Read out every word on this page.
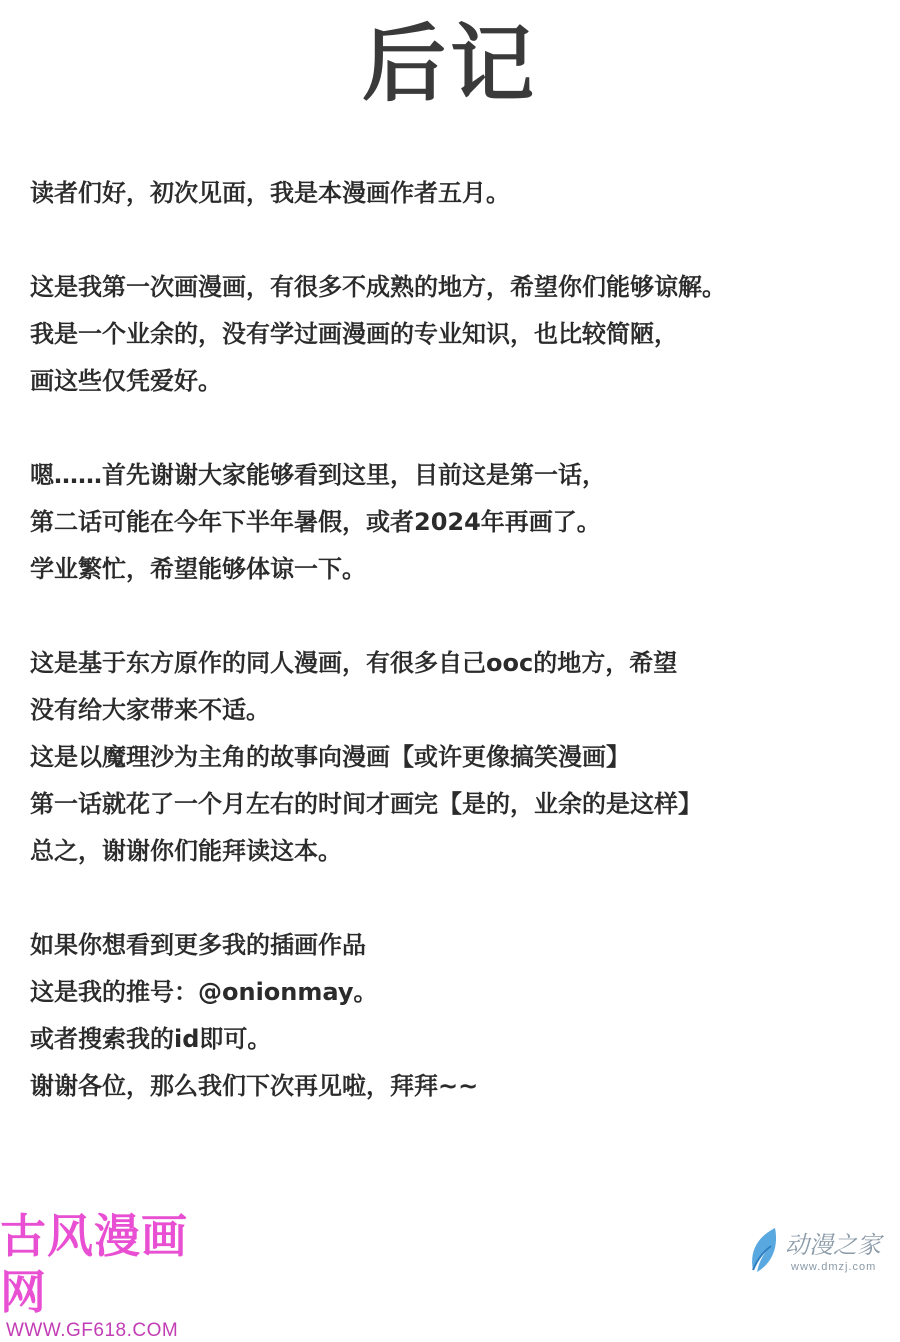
后记
读者们好，初次见面，我是本漫画作者五月。
这是我第一次画漫画，有很多不成熟的地方，希望你们能够谅解。
我是一个业余的，没有学过画漫画的专业知识，也比较简陋，
画这些仅凭爱好。
嗯……首先谢谢大家能够看到这里，目前这是第一话，
第二话可能在今年下半年暑假，或者2024年再画了。
学业繁忙，希望能够体谅一下。
这是基于东方原作的同人漫画，有很多自己ooc的地方，希望
没有给大家带来不适。
这是以魔理沙为主角的故事向漫画【或许更像搞笑漫画】
第一话就花了一个月左右的时间才画完【是的，业余的是这样】
总之，谢谢你们能拜读这本。
如果你想看到更多我的插画作品
这是我的推号：@onionmay。
或者搜索我的id即可。
谢谢各位，那么我们下次再见啦，拜拜~~
古风漫画网
WWW.GF618.COM
动漫之家
www.dmzj.com
